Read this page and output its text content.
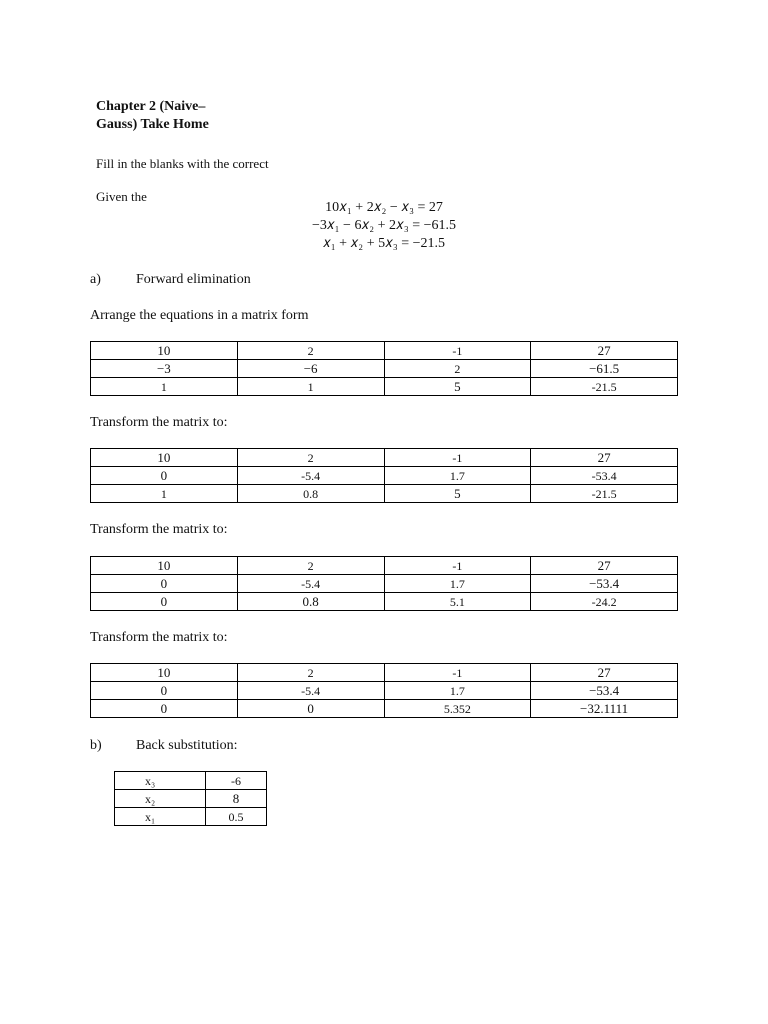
Chapter 2 (Naive–
Gauss) Take Home
Fill in the blanks with the correct
Given the
10𝑥₁ + 2𝑥₂ − 𝑥₃ = 27
−3𝑥₁ − 6𝑥₂ + 2𝑥₃ = −61.5
𝑥₁ + 𝑥₂ + 5𝑥₃ = −21.5
a)	Forward elimination
Arrange the equations in a matrix form
10	2	-1	27
−3	−6	2	−61.5
1	1	5	-21.5
Transform the matrix to:
10	2	-1	27
0	-5.4	1.7	-53.4
1	0.8	5	-21.5
Transform the matrix to:
10	2	-1	27
0	-5.4	1.7	−53.4
0	0.8	5.1	-24.2
Transform the matrix to:
10	2	-1	27
0	-5.4	1.7	−53.4
0	0	5.352	−32.1111
b) Back substitution:
x₃	-6
x₂	8
x₁	0.5
